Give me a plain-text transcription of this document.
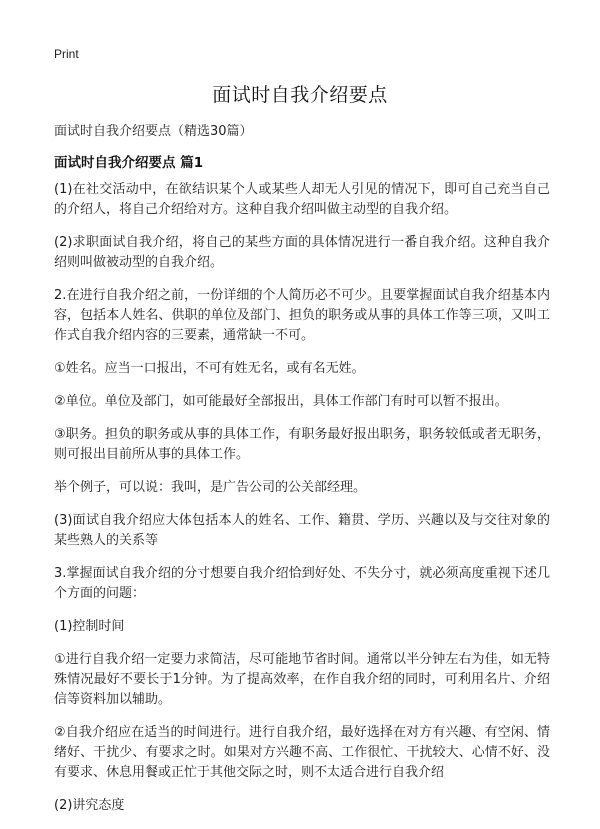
Print
面试时自我介绍要点
面试时自我介绍要点（精选30篇）
面试时自我介绍要点 篇1

(1)在社交活动中，在欲结识某个人或某些人却无人引见的情况下，即可自己充当自己的介绍人，将自己介绍给对方。这种自我介绍叫做主动型的自我介绍。

(2)求职面试自我介绍，将自己的某些方面的具体情况进行一番自我介绍。这种自我介绍则叫做被动型的自我介绍。

2.在进行自我介绍之前，一份详细的个人简历必不可少。且要掌握面试自我介绍基本内容，包括本人姓名、供职的单位及部门、担负的职务或从事的具体工作等三项，又叫工作式自我介绍内容的三要素，通常缺一不可。

①姓名。应当一口报出，不可有姓无名，或有名无姓。

②单位。单位及部门，如可能最好全部报出，具体工作部门有时可以暂不报出。

③职务。担负的职务或从事的具体工作，有职务最好报出职务，职务较低或者无职务，则可报出目前所从事的具体工作。

举个例子，可以说：我叫，是广告公司的公关部经理。

(3)面试自我介绍应大体包括本人的姓名、工作、籍贯、学历、兴趣以及与交往对象的某些熟人的关系等

3.掌握面试自我介绍的分寸想要自我介绍恰到好处、不失分寸，就必须高度重视下述几个方面的问题：

(1)控制时间

①进行自我介绍一定要力求简洁，尽可能地节省时间。通常以半分钟左右为佳，如无特殊情况最好不要长于1分钟。为了提高效率，在作自我介绍的同时，可利用名片、介绍信等资料加以辅助。

②自我介绍应在适当的时间进行。进行自我介绍，最好选择在对方有兴趣、有空闲、情绪好、干扰少、有要求之时。如果对方兴趣不高、工作很忙、干扰较大、心情不好、没有要求、休息用餐或正忙于其他交际之时，则不太适合进行自我介绍

(2)讲究态度
